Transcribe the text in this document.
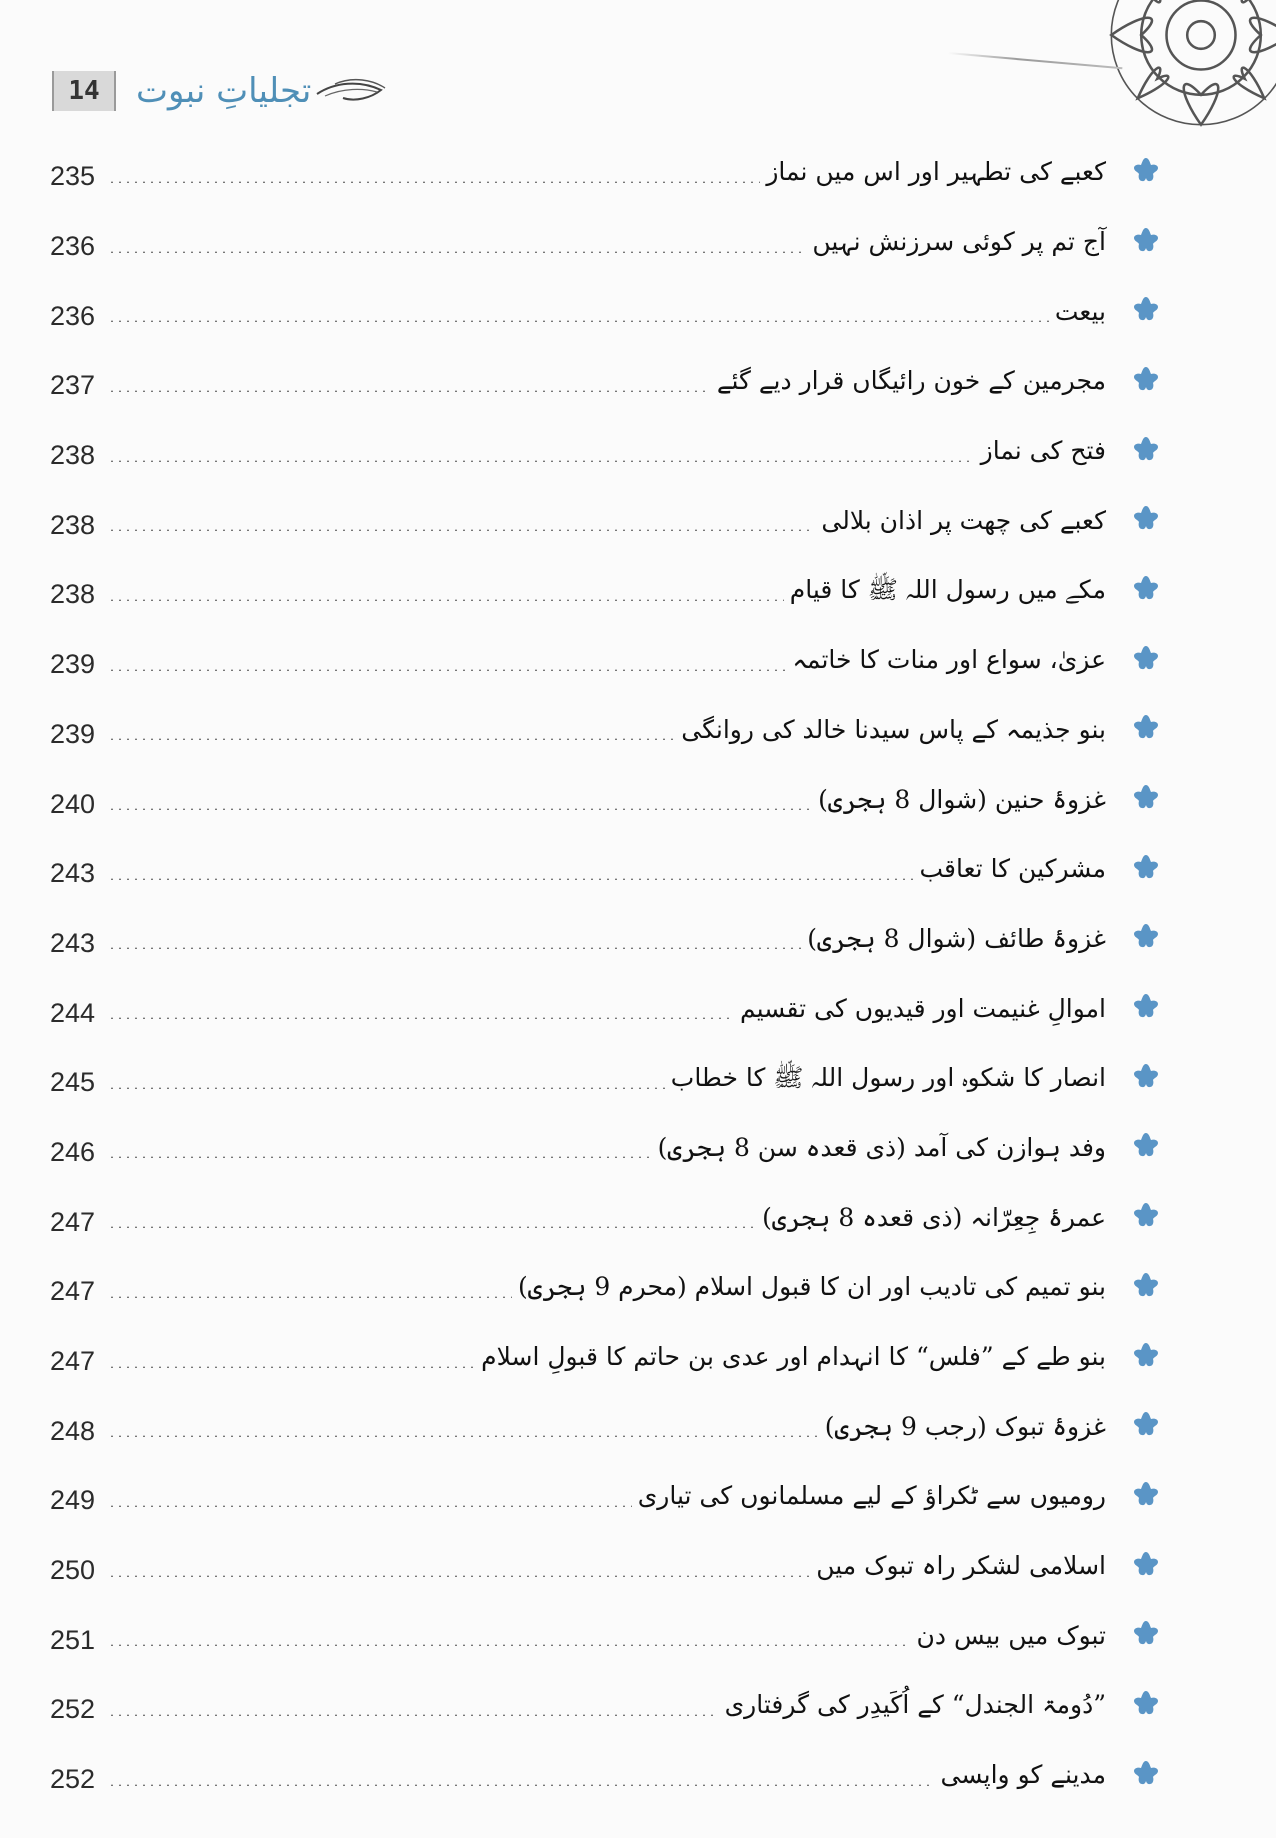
14	تجلیاتِ نبوت
235	کعبے کی تطہیر اور اس میں نماز
236	آج تم پر کوئی سرزنش نہیں
236	بیعت
237	مجرمین کے خون رائیگاں قرار دیے گئے
238	فتح کی نماز
238	کعبے کی چھت پر اذان بلالی
238	مکے میں رسول اللہ ﷺ کا قیام
239	عزیٰ، سواع اور منات کا خاتمہ
239	بنو جذیمہ کے پاس سیدنا خالد کی روانگی
240	غزوۂ حنین (شوال 8 ہجری)
243	مشرکین کا تعاقب
243	غزوۂ طائف (شوال 8 ہجری)
244	اموالِ غنیمت اور قیدیوں کی تقسیم
245	انصار کا شکوہ اور رسول اللہ ﷺ کا خطاب
246	وفد ہوازن کی آمد (ذی قعدہ سن 8 ہجری)
247	عمرۂ جِعِرّانہ (ذی قعدہ 8 ہجری)
247	بنو تمیم کی تادیب اور ان کا قبول اسلام (محرم 9 ہجری)
247	بنو طے کے ”فلس“ کا انہدام اور عدی بن حاتم کا قبولِ اسلام
248	غزوۂ تبوک (رجب 9 ہجری)
249	رومیوں سے ٹکراؤ کے لیے مسلمانوں کی تیاری
250	اسلامی لشکر راہ تبوک میں
251	تبوک میں بیس دن
252	”دُومۃ الجندل“ کے اُکَیدِر کی گرفتاری
252	مدینے کو واپسی
